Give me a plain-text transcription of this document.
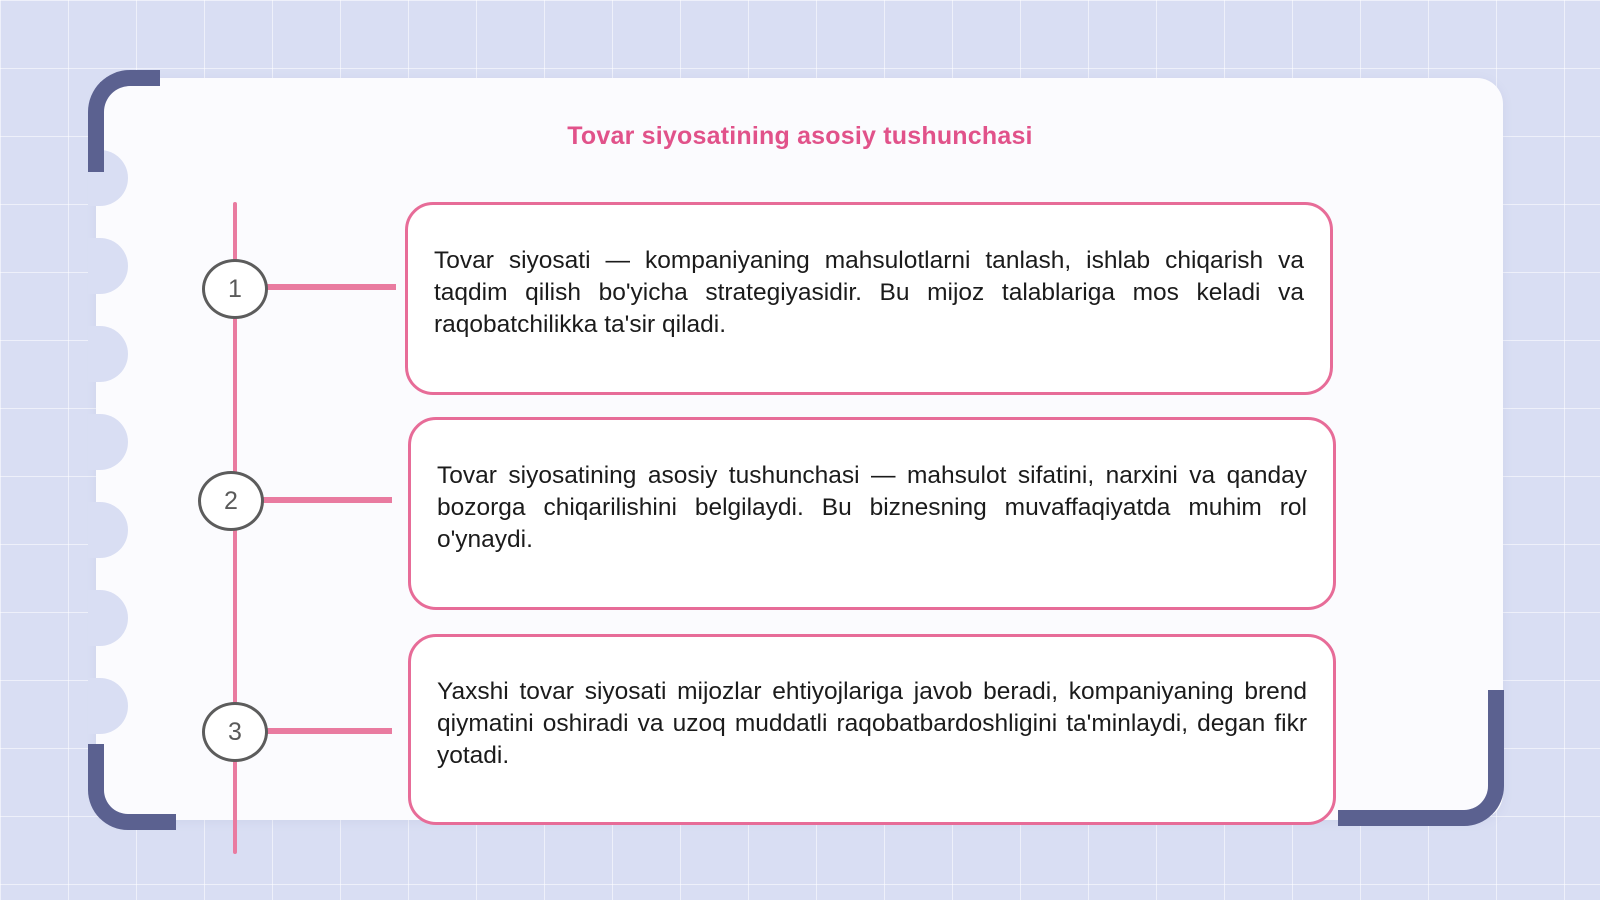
Tovar siyosatining asosiy tushunchasi
1
2
3

Tovar siyosati — kompaniyaning mahsulotlarni tanlash, ishlab chiqarish va taqdim qilish bo'yicha strategiyasidir. Bu mijoz talablariga mos keladi va raqobatchilikka ta'sir qiladi.

Tovar siyosatining asosiy tushunchasi — mahsulot sifatini, narxini va qanday bozorga chiqarilishini belgilaydi. Bu biznesning muvaffaqiyatda muhim rol o'ynaydi.

Yaxshi tovar siyosati mijozlar ehtiyojlariga javob beradi, kompaniyaning brend qiymatini oshiradi va uzoq muddatli raqobatbardoshligini ta'minlaydi, degan fikr yotadi.
